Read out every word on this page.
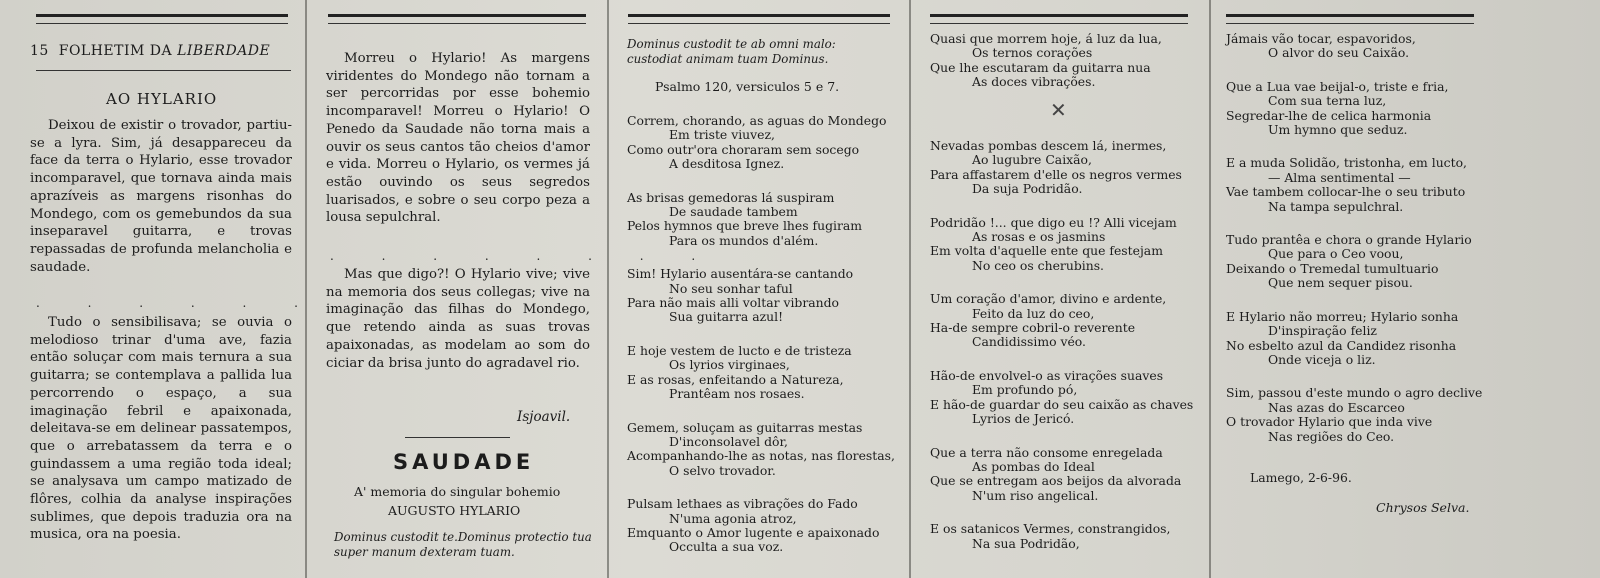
15 FOLHETIM DA LIBERDADE
AO HYLARIO

Deixou de existir o trovador, partiu-se a lyra. Sim, já desappareceu da face da terra o Hylario, esse trovador incomparavel, que tornava ainda mais aprazíveis as margens risonhas do Mondego, com os gemebundos da sua inseparavel guitarra, e trovas repassadas de profunda melancholia e saudade.

. . . . . . . .

Tudo o sensibilisava; se ouvia o melodioso trinar d'uma ave, fazia então soluçar com mais ternura a sua guitarra; se contemplava a pallida lua percorrendo o espaço, a sua imaginação febril e apaixonada, deleitava-se em delinear passatempos, que o arrebatassem da terra e o guindassem a uma região toda ideal; se analysava um campo matizado de flôres, colhia da analyse inspirações sublimes, que depois traduzia ora na musica, ora na poesia.

Morreu o Hylario! As margens viridentes do Mondego não tornam a ser percorridas por esse bohemio incomparavel! Morreu o Hylario! O Penedo da Saudade não torna mais a ouvir os seus cantos tão cheios d'amor e vida. Morreu o Hylario, os vermes já estão ouvindo os seus segredos luarisados, e sobre o seu corpo peza a lousa sepulchral.

. . . . . . . .

Mas que digo?! O Hylario vive; vive na memoria dos seus collegas; vive na imaginação das filhas do Mondego, que retendo ainda as suas trovas apaixonadas, as modelam ao som do ciciar da brisa junto do agradavel rio.

Isjoavil.
SAUDADE
A' memoria do singular bohemio
AUGUSTO HYLARIO
Dominus custodit te.Dominus protectio tua
super manum dexteram tuam.
Dominus custodit te ab omni malo:
custodiat animam tuam Dominus.
Psalmo 120, versiculos 5 e 7.
Correm, chorando, as aguas do Mondego
Em triste viuvez,
Como outr'ora choraram sem socego
A desditosa Ignez.
As brisas gemedoras lá suspiram
De saudade tambem
Pelos hymnos que breve lhes fugiram
Para os mundos d'além.
Sim! Hylario ausentára-se cantando
No seu sonhar taful
Para não mais alli voltar vibrando
Sua guitarra azul!
E hoje vestem de lucto e de tristeza
Os lyrios virginaes,
E as rosas, enfeitando a Natureza,
Prantêam nos rosaes.
Gemem, soluçam as guitarras mestas
D'inconsolavel dôr,
Acompanhando-lhe as notas, nas florestas,
O selvo trovador.
Pulsam lethaes as vibrações do Fado
N'uma agonia atroz,
Emquanto o Amor lugente e apaixonado
Occulta a sua voz.
Quasi que morrem hoje, á luz da lua,
Os ternos corações
Que lhe escutaram da guitarra nua
As doces vibrações.
✕
Nevadas pombas descem lá, inermes,
Ao lugubre Caixão,
Para affastarem d'elle os negros vermes
Da suja Podridão.
Podridão !... que digo eu !? Alli vicejam
As rosas e os jasmins
Em volta d'aquelle ente que festejam
No ceo os cherubins.
Um coração d'amor, divino e ardente,
Feito da luz do ceo,
Ha-de sempre cobril-o reverente
Candidissimo véo.
Hão-de envolvel-o as virações suaves
Em profundo pó,
E hão-de guardar do seu caixão as chaves
Lyrios de Jericó.
Que a terra não consome enregelada
As pombas do Ideal
Que se entregam aos beijos da alvorada
N'um riso angelical.
E os satanicos Vermes, constrangidos,
Na sua Podridão,
Jámais vão tocar, espavoridos,
O alvor do seu Caixão.
Que a Lua vae beijal-o, triste e fria,
Com sua terna luz,
Segredar-lhe de celica harmonia
Um hymno que seduz.
E a muda Solidão, tristonha, em lucto,
— Alma sentimental —
Vae tambem collocar-lhe o seu tributo
Na tampa sepulchral.
Tudo prantêa e chora o grande Hylario
Que para o Ceo voou,
Deixando o Tremedal tumultuario
Que nem sequer pisou.
E Hylario não morreu; Hylario sonha
D'inspiração feliz
No esbelto azul da Candidez risonha
Onde viceja o liz.
Sim, passou d'este mundo o agro declive
Nas azas do Escarceo
O trovador Hylario que inda vive
Nas regiões do Ceo.
Lamego, 2-6-96.
Chrysos Selva.
